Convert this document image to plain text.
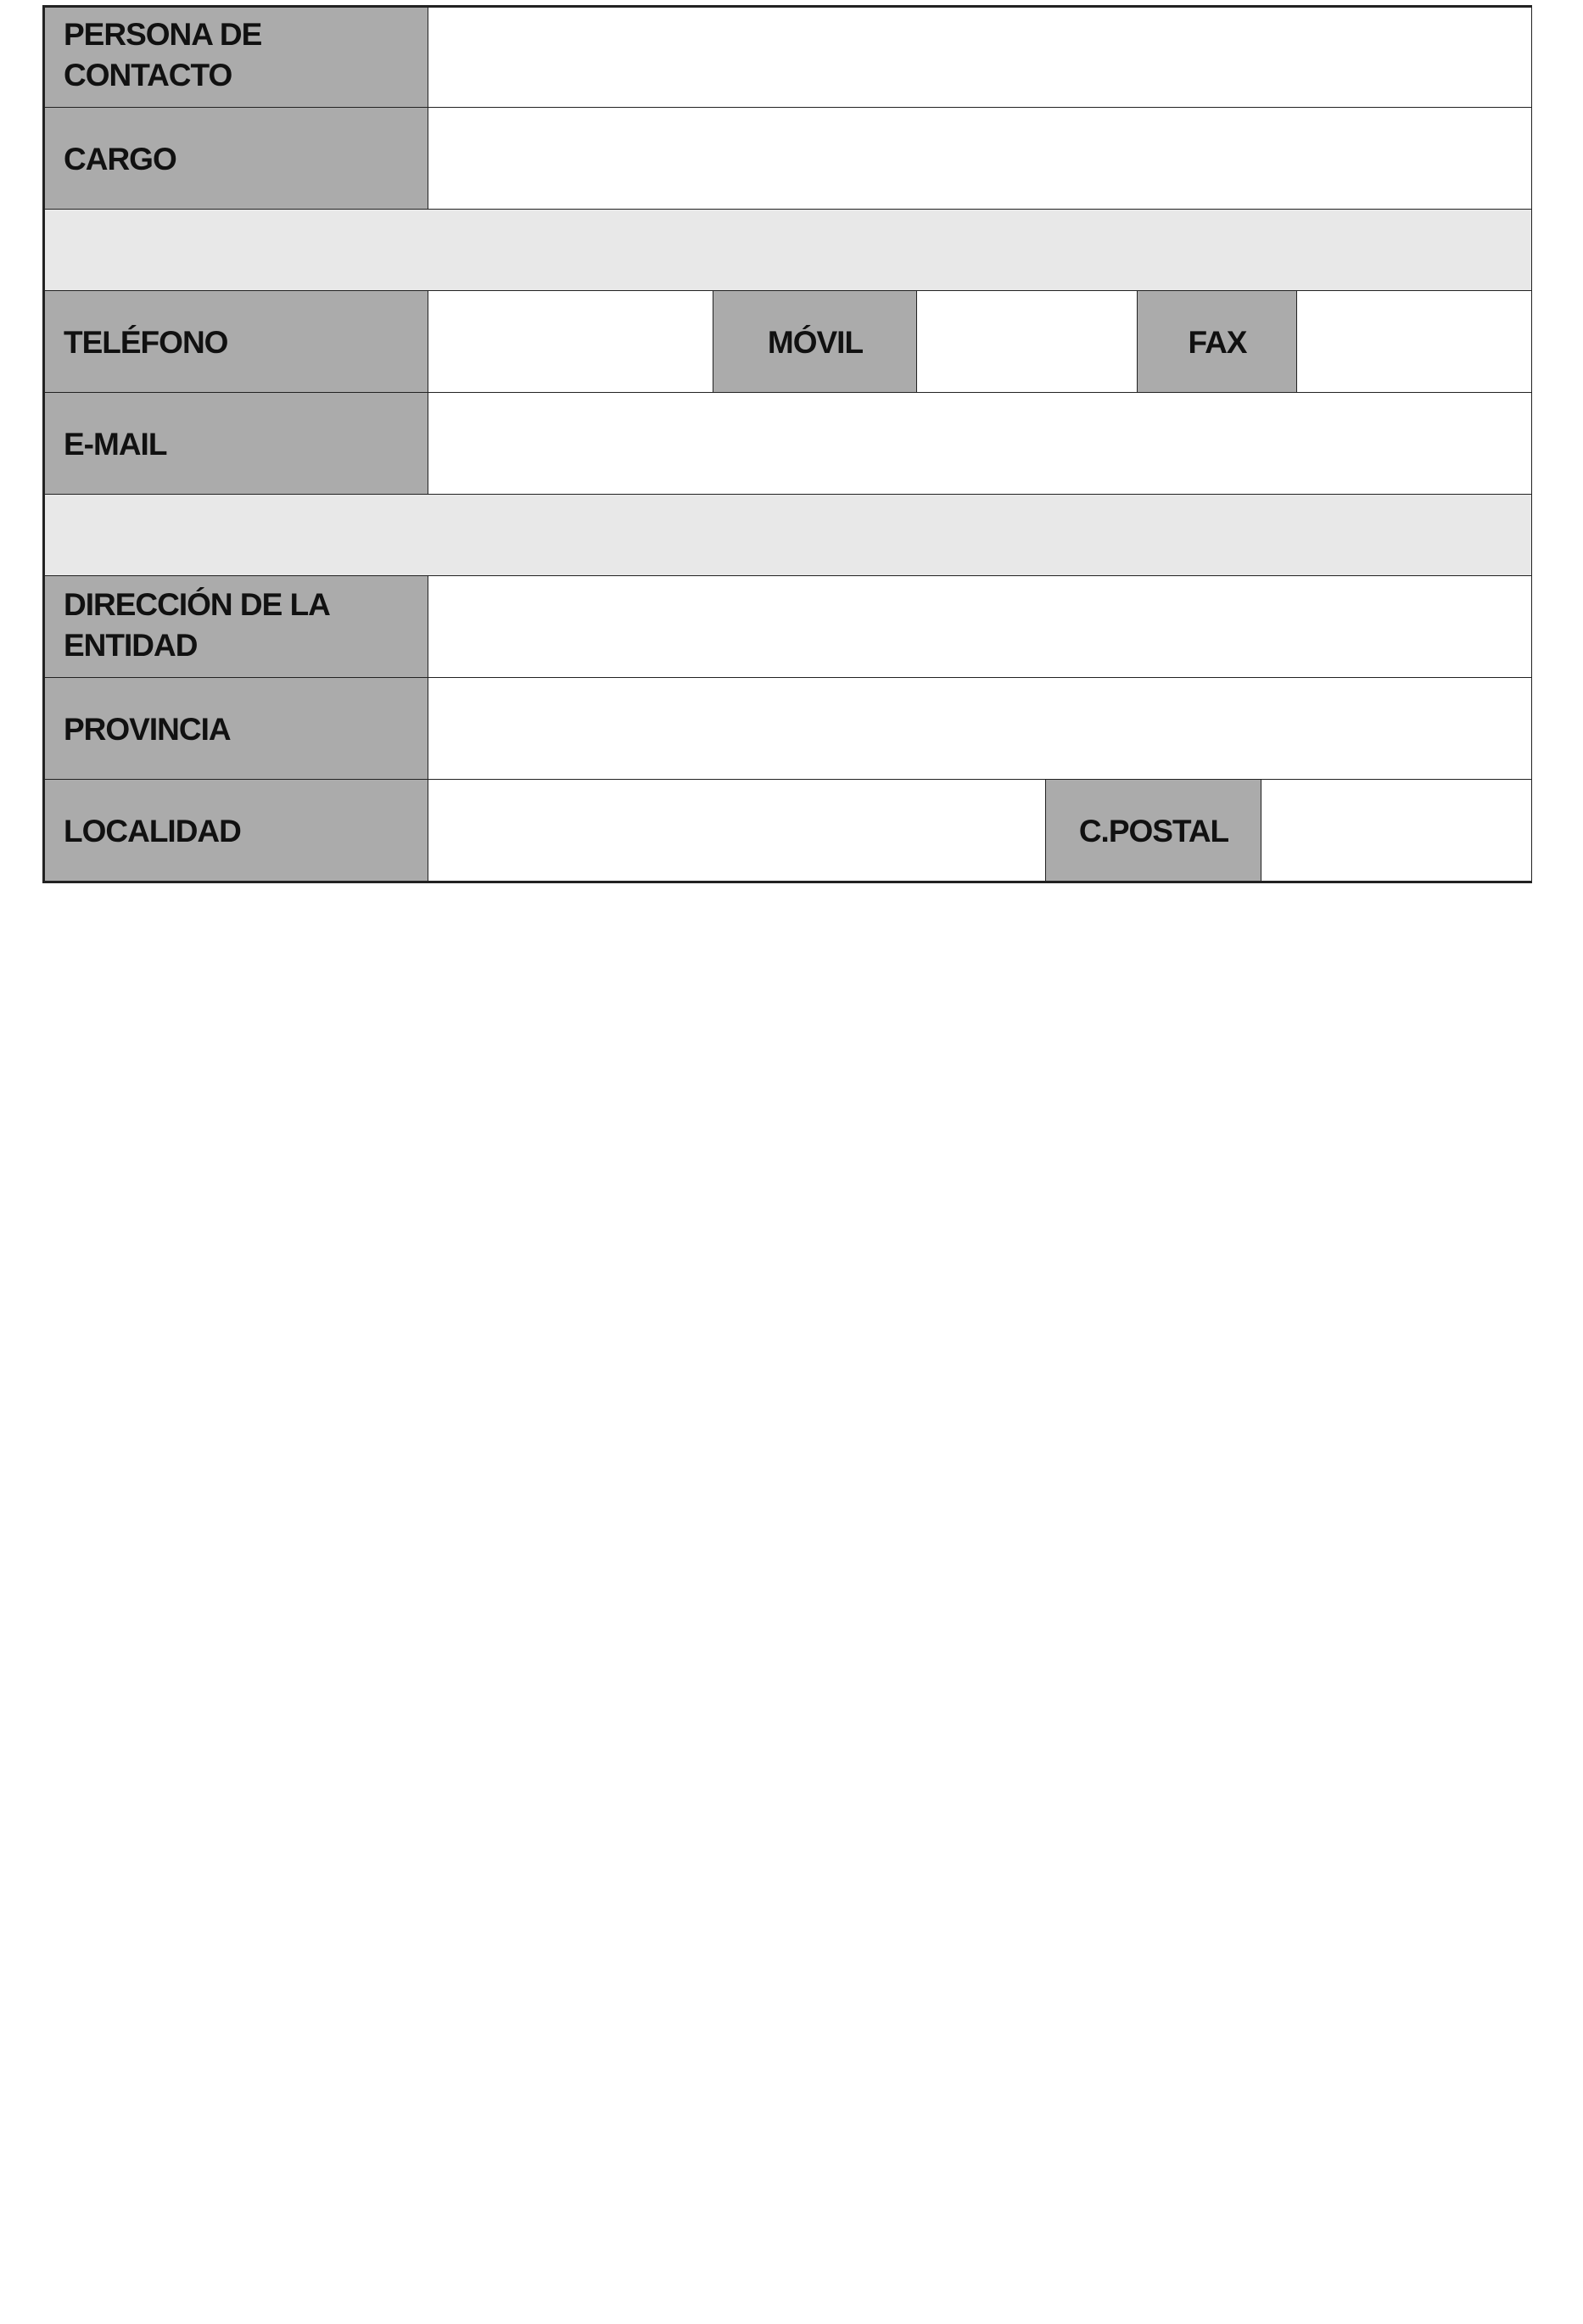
PERSONA DE
CONTACTO
CARGO
TELÉFONO	MÓVIL	FAX
E-MAIL
DIRECCIÓN DE LA
ENTIDAD
PROVINCIA
LOCALIDAD	C.POSTAL
